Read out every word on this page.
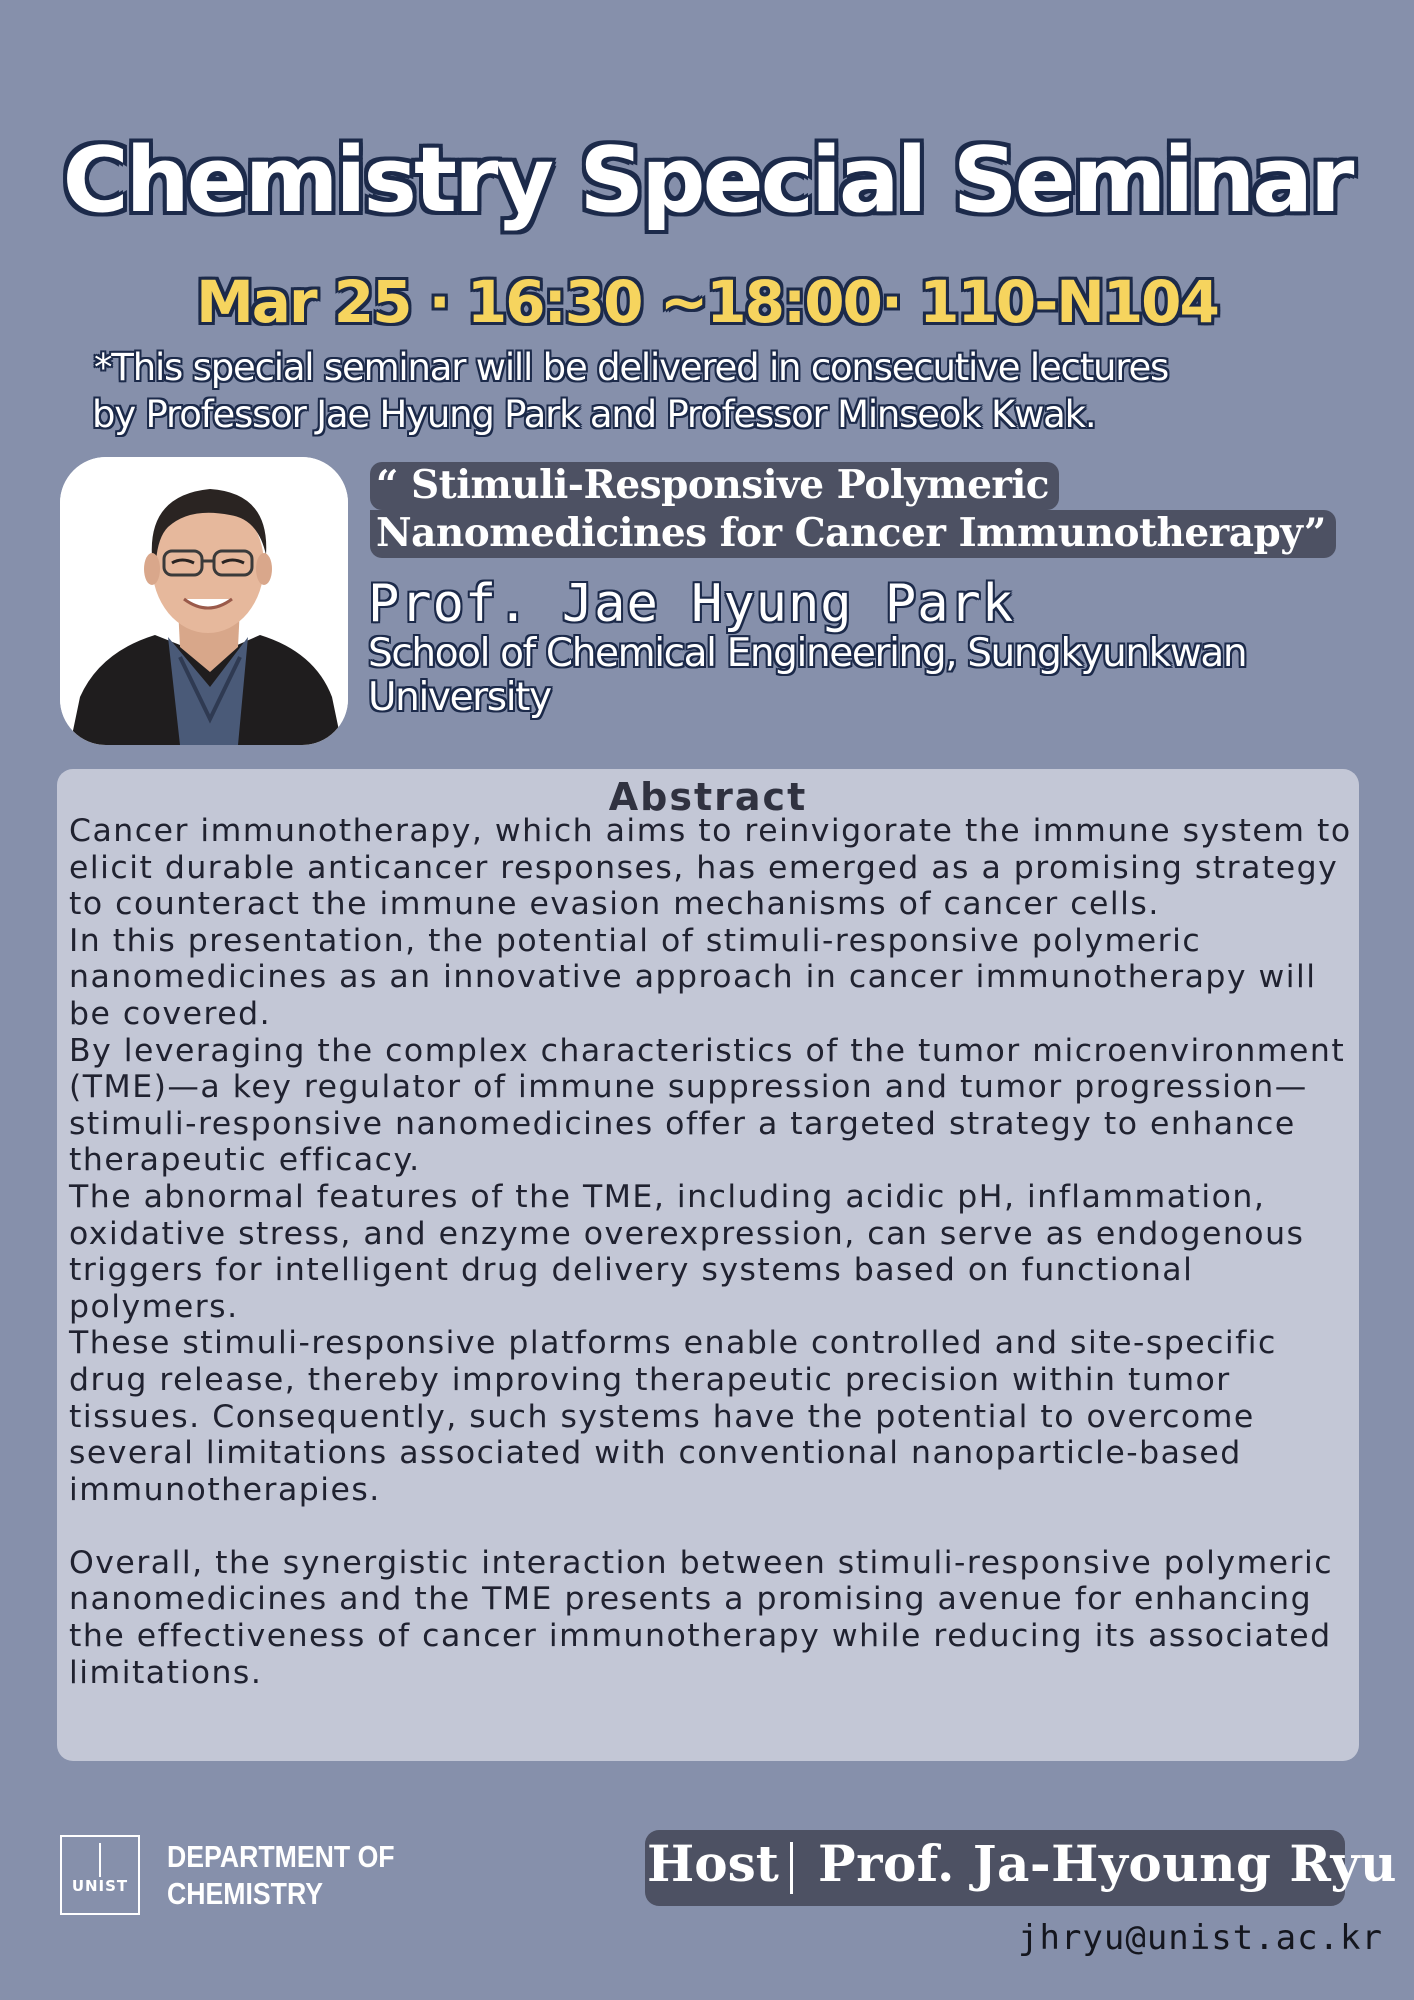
Chemistry Special Seminar
Mar 25 · 16:30 ~18:00· 110-N104
*This special seminar will be delivered in consecutive lectures
by Professor Jae Hyung Park and Professor Minseok Kwak.
“ Stimuli-Responsive Polymeric
Nanomedicines for Cancer Immunotherapy”
Prof. Jae Hyung Park
School of Chemical Engineering, Sungkyunkwan University
Abstract

Cancer immunotherapy, which aims to reinvigorate the immune system to elicit durable anticancer responses, has emerged as a promising strategy to counteract the immune evasion mechanisms of cancer cells.

In this presentation, the potential of stimuli-responsive polymeric nanomedicines as an innovative approach in cancer immunotherapy will be covered.

By leveraging the complex characteristics of the tumor microenvironment (TME)—a key regulator of immune suppression and tumor progression—stimuli-responsive nanomedicines offer a targeted strategy to enhance therapeutic efficacy.

The abnormal features of the TME, including acidic pH, inflammation, oxidative stress, and enzyme overexpression, can serve as endogenous triggers for intelligent drug delivery systems based on functional polymers.

These stimuli-responsive platforms enable controlled and site-specific drug release, thereby improving therapeutic precision within tumor tissues. Consequently, such systems have the potential to overcome several limitations associated with conventional nanoparticle-based immunotherapies.

Overall, the synergistic interaction between stimuli-responsive polymeric nanomedicines and the TME presents a promising avenue for enhancing the effectiveness of cancer immunotherapy while reducing its associated limitations.

UNIST
DEPARTMENT OF
CHEMISTRY
Host Prof. Ja-Hyoung Ryu
jhryu@unist.ac.kr
